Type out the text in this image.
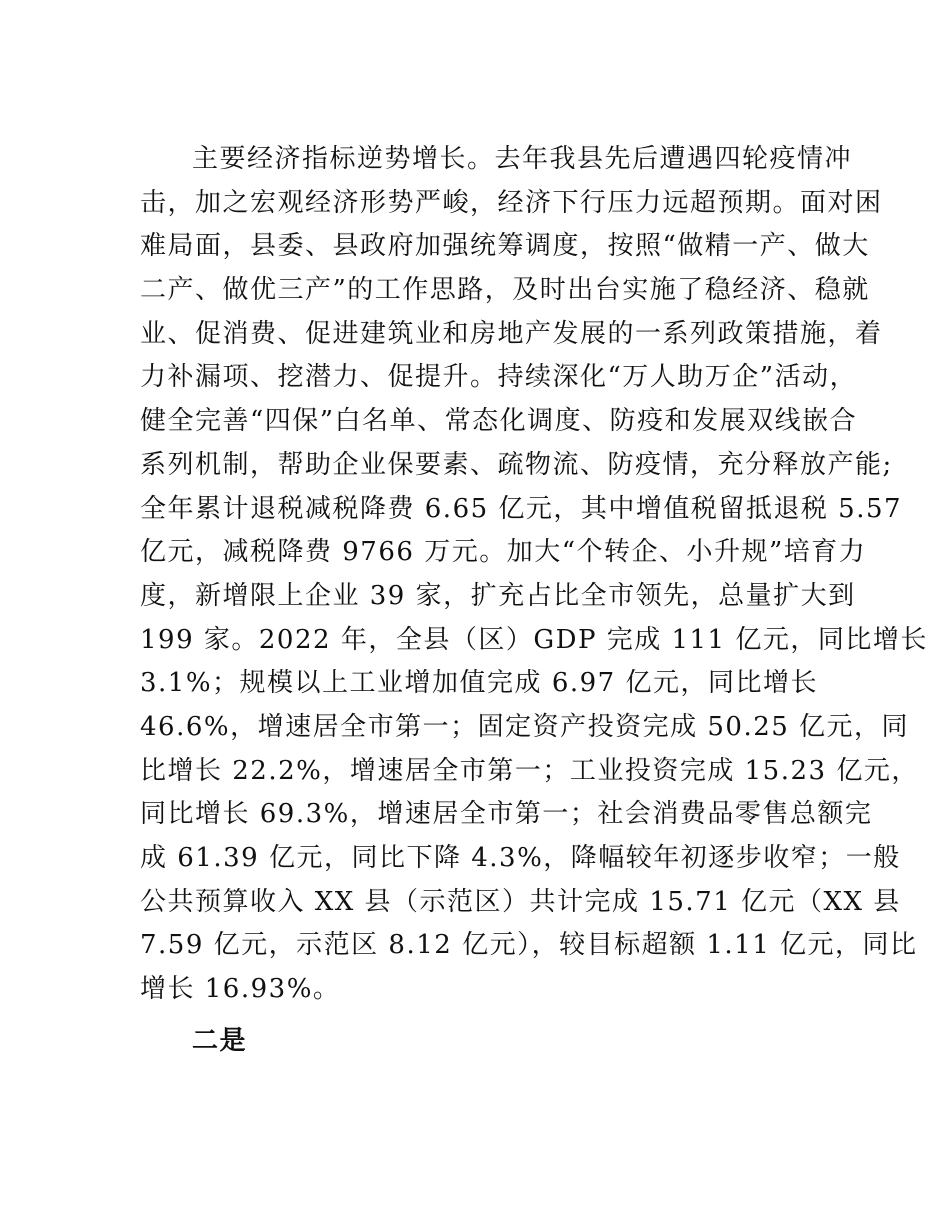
主要经济指标逆势增长。去年我县先后遭遇四轮疫情冲
击，加之宏观经济形势严峻，经济下行压力远超预期。面对困
难局面，县委、县政府加强统筹调度，按照“做精一产、做大
二产、做优三产”的工作思路，及时出台实施了稳经济、稳就
业、促消费、促进建筑业和房地产发展的一系列政策措施，着
力补漏项、挖潜力、促提升。持续深化“万人助万企”活动，
健全完善“四保”白名单、常态化调度、防疫和发展双线嵌合
系列机制，帮助企业保要素、疏物流、防疫情，充分释放产能;
全年累计退税减税降费 6.65 亿元，其中增值税留抵退税 5.57
亿元，减税降费 9766 万元。加大“个转企、小升规”培育力
度，新增限上企业 39 家，扩充占比全市领先，总量扩大到
199 家。2022 年，全县（区）GDP 完成 111 亿元，同比增长
3.1%；规模以上工业增加值完成 6.97 亿元，同比增长
46.6%，增速居全市第一；固定资产投资完成 50.25 亿元，同
比增长 22.2%，增速居全市第一；工业投资完成 15.23 亿元，
同比增长 69.3%，增速居全市第一；社会消费品零售总额完
成 61.39 亿元，同比下降 4.3%，降幅较年初逐步收窄；一般
公共预算收入 XX 县（示范区）共计完成 15.71 亿元（XX 县
7.59 亿元，示范区 8.12 亿元），较目标超额 1.11 亿元，同比
增长 16.93%。
二是
